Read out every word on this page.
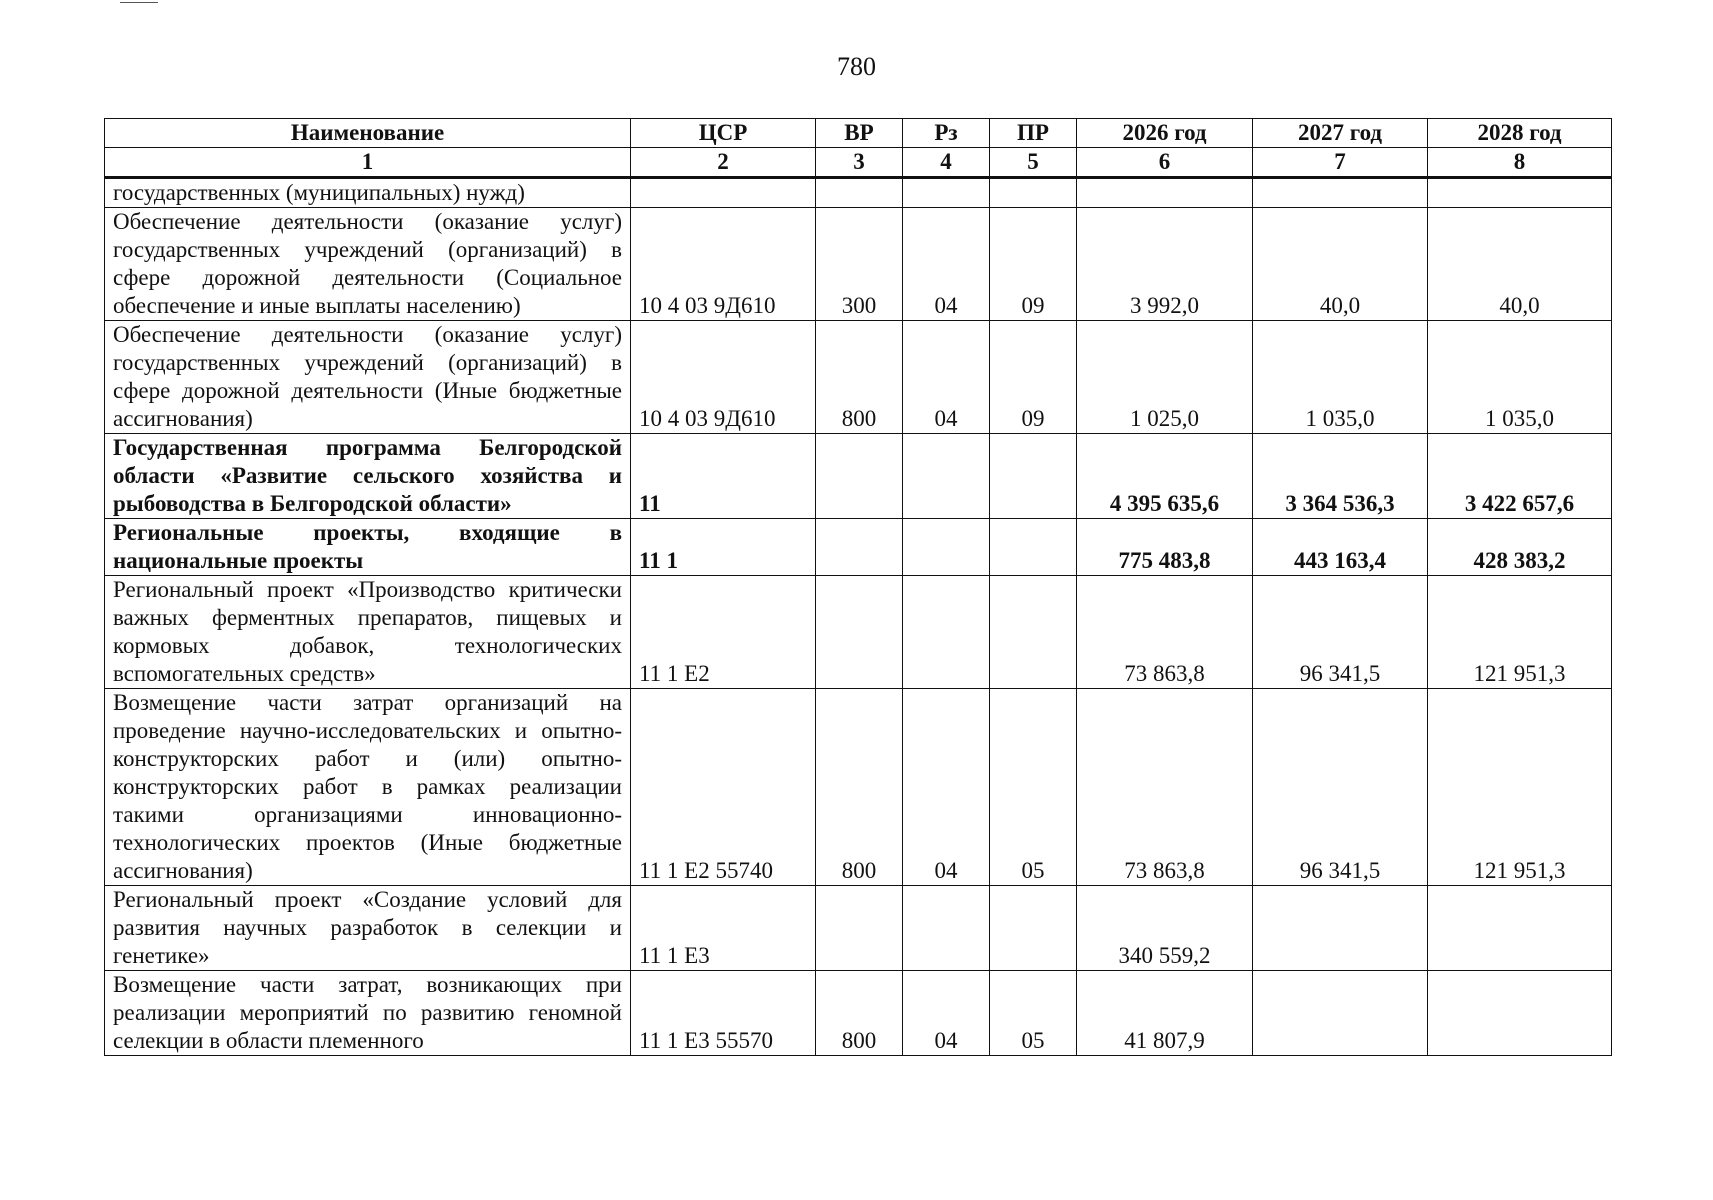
780
Наименование	ЦСР	ВР	Рз	ПР	2026 год	2027 год	2028 год
1	2	3	4	5	6	7	8
государственных (муниципальных) нужд)							
Обеспечение деятельности (оказание услуг) государственных учреждений (организаций) в сфере дорожной деятельности (Социальное обеспечение и иные выплаты населению)	10 4 03 9Д610	300	04	09	3 992,0	40,0	40,0
Обеспечение деятельности (оказание услуг) государственных учреждений (организаций) в сфере дорожной деятельности (Иные бюджетные ассигнования)	10 4 03 9Д610	800	04	09	1 025,0	1 035,0	1 035,0
Государственная программа Белгородской области «Развитие сельского хозяйства и рыбоводства в Белгородской области»	11				4 395 635,6	3 364 536,3	3 422 657,6
Региональные проекты, входящие в национальные проекты	11 1				775 483,8	443 163,4	428 383,2
Региональный проект «Производство критически важных ферментных препаратов, пищевых и кормовых добавок, технологических вспомогательных средств»	11 1 E2				73 863,8	96 341,5	121 951,3
Возмещение части затрат организаций на проведение научно-исследовательских и опытно-конструкторских работ и (или) опытно-конструкторских работ в рамках реализации такими организациями инновационно-технологических проектов (Иные бюджетные ассигнования)	11 1 E2 55740	800	04	05	73 863,8	96 341,5	121 951,3
Региональный проект «Создание условий для развития научных разработок в селекции и генетике»	11 1 E3				340 559,2		
Возмещение части затрат, возникающих при реализации мероприятий по развитию геномной селекции в области племенного	11 1 E3 55570	800	04	05	41 807,9		
